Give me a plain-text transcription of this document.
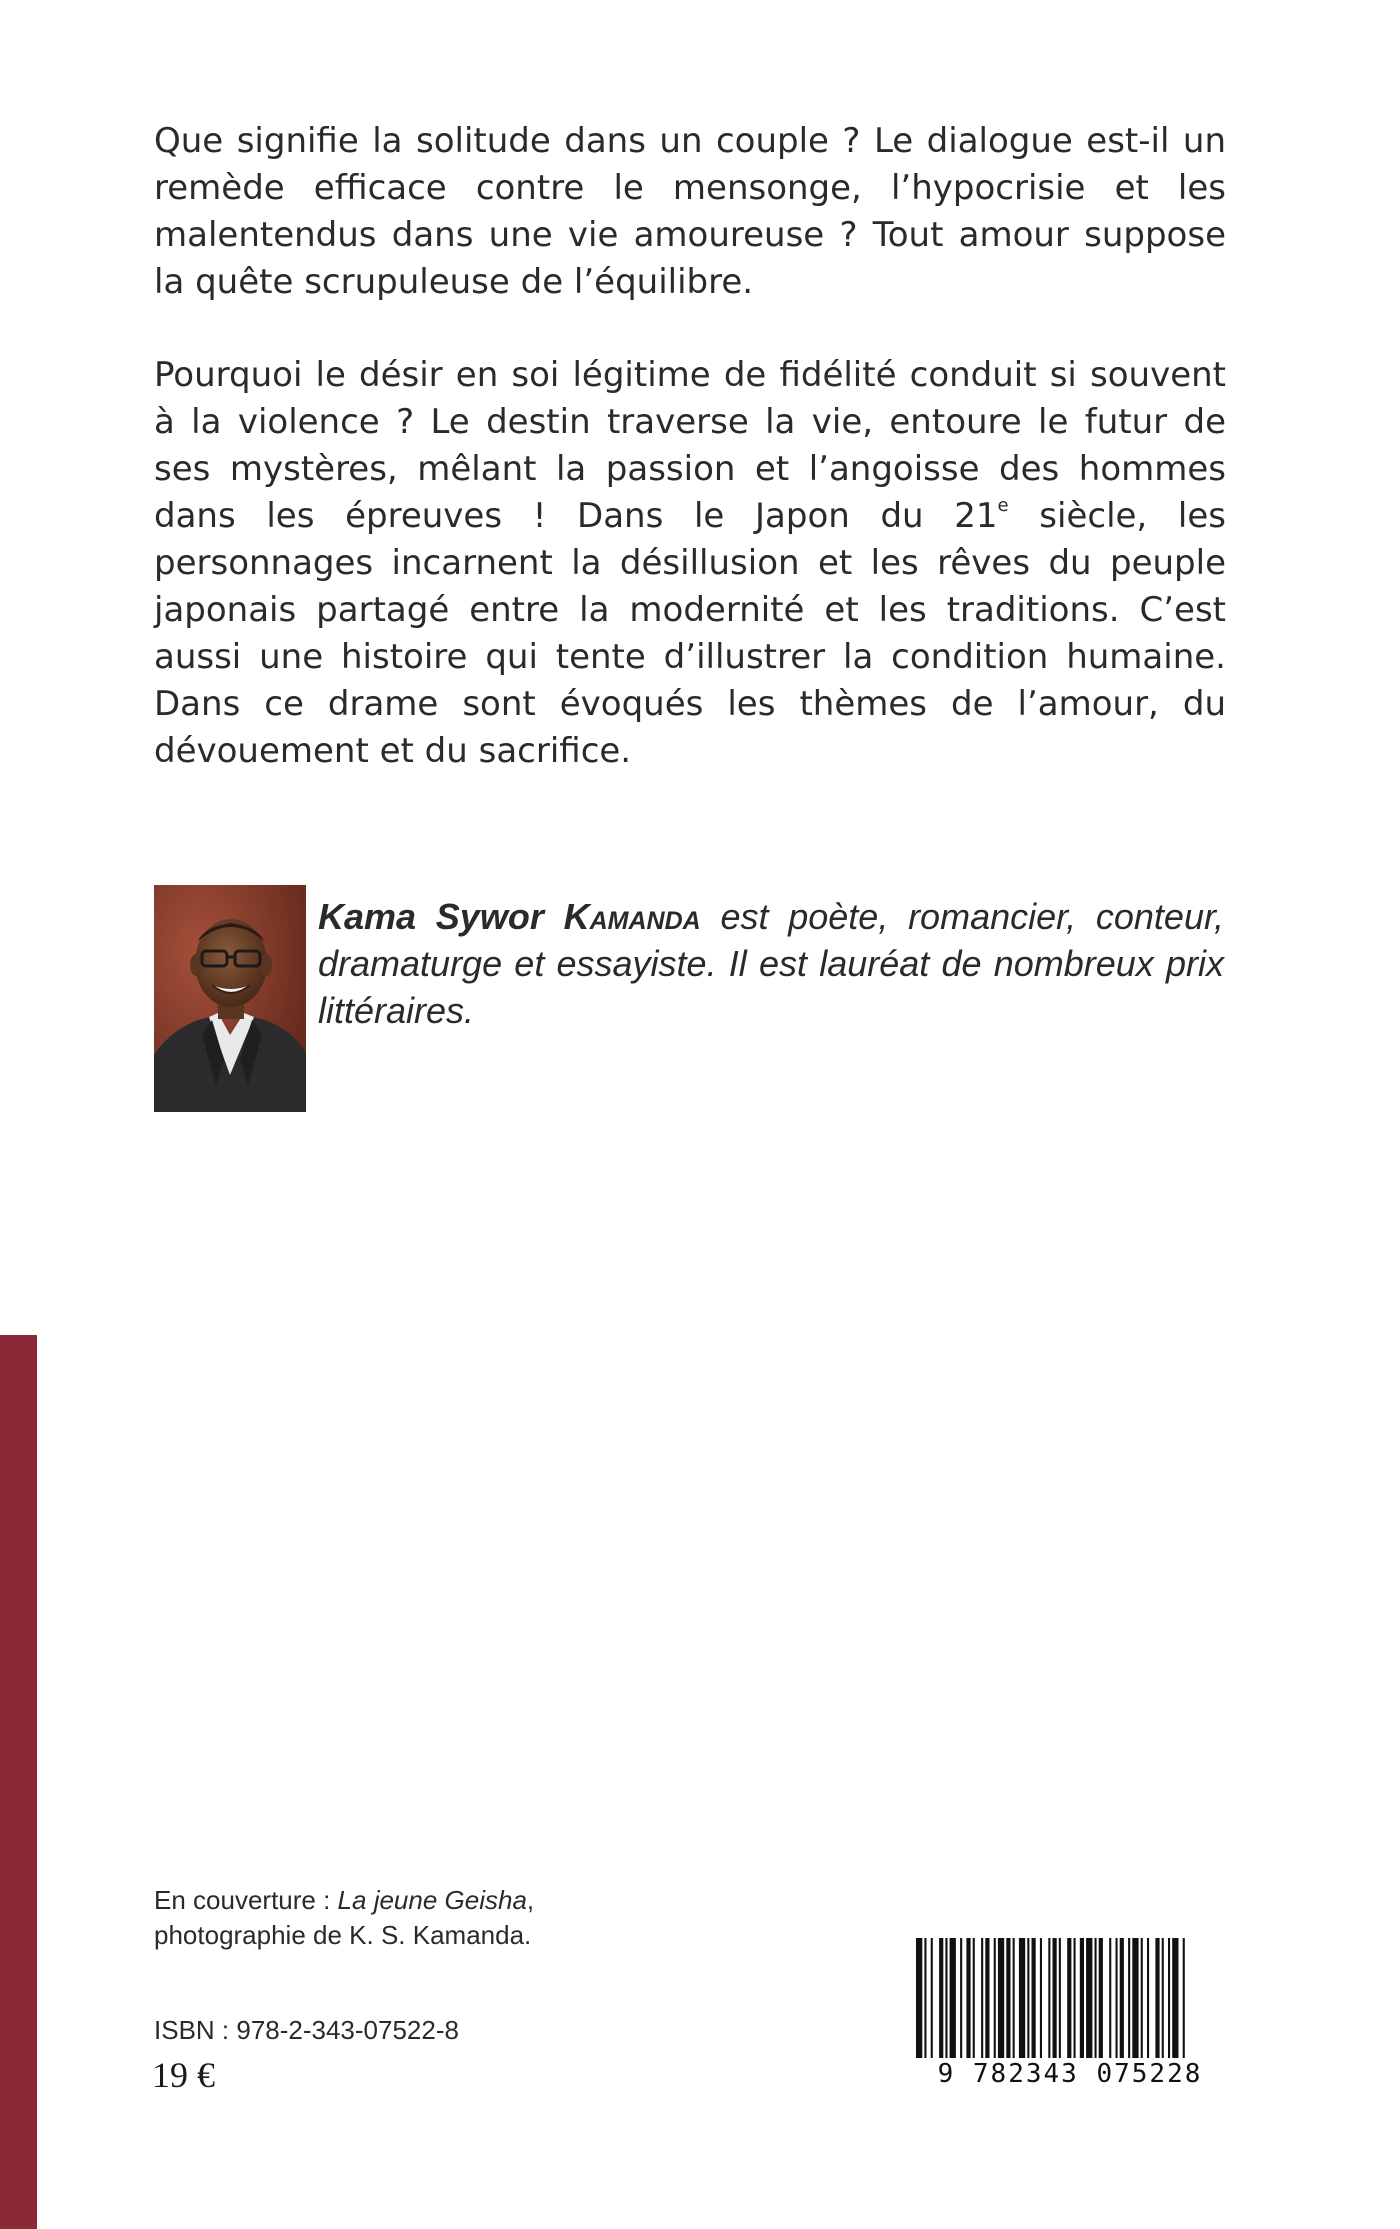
Que signifie la solitude dans un couple ? Le dialogue est-il un remède efficace contre le mensonge, l’hypocrisie et les malentendus dans une vie amoureuse ? Tout amour suppose la quête scrupuleuse de l’équilibre.

Pourquoi le désir en soi légitime de fidélité conduit si souvent à la violence ? Le destin traverse la vie, entoure le futur de ses mystères, mêlant la passion et l’angoisse des hommes dans les épreuves ! Dans le Japon du 21e siècle, les personnages incarnent la désillusion et les rêves du peuple japonais partagé entre la modernité et les traditions. C’est aussi une histoire qui tente d’illustrer la condition humaine. Dans ce drame sont évoqués les thèmes de l’amour, du dévouement et du sacrifice.

Kama Sywor Kamanda est poète, romancier, conteur, dramaturge et essayiste. Il est lauréat de nombreux prix littéraires.

En couverture : La jeune Geisha,
photographie de K. S. Kamanda.

ISBN : 978-2-343-07522-8

19 €	9 782343 075228
